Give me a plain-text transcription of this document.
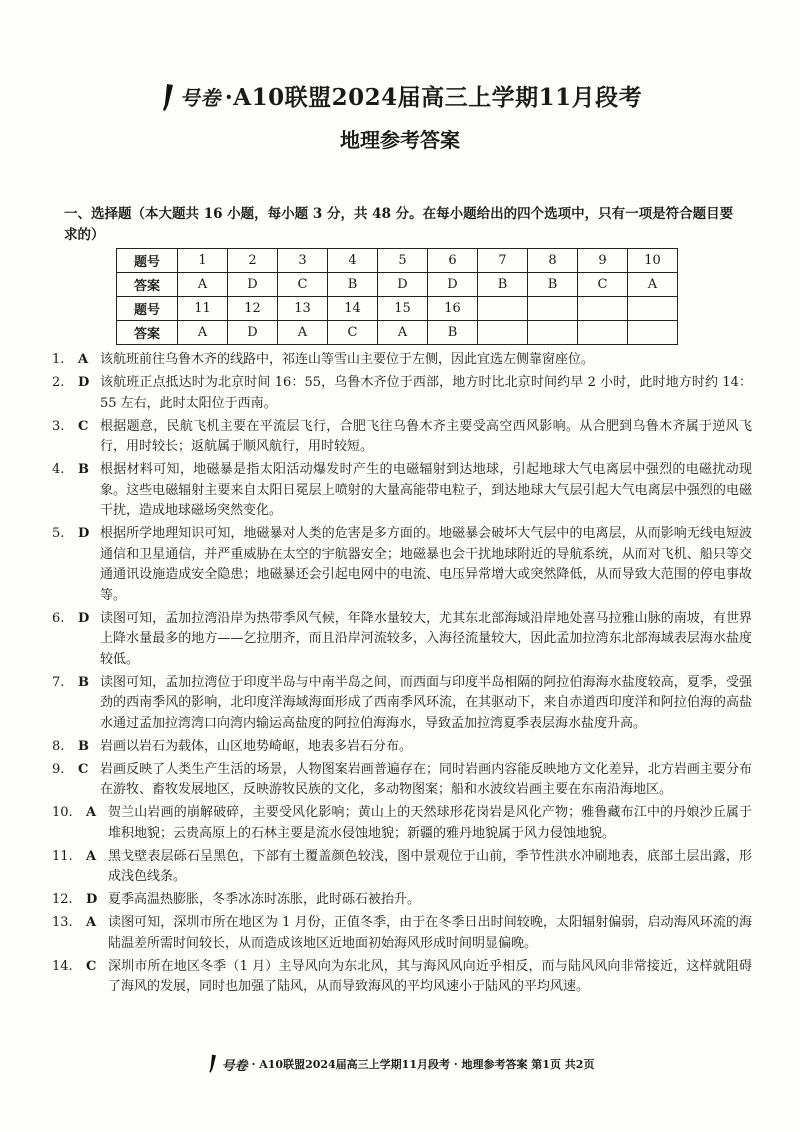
号卷 ·A10联盟2024届高三上学期11月段考
地理参考答案

一、选择题（本大题共 16 小题，每小题 3 分，共 48 分。在每小题给出的四个选项中，只有一项是符合题目要求的）

题号	1	2	3	4	5	6	7	8	9	10
答案	A	D	C	B	D	D	B	B	C	A
题号	11	12	13	14	15	16				
答案	A	D	A	C	A	B				
1.	A 该航班前往乌鲁木齐的线路中，祁连山等雪山主要位于左侧，因此宜选左侧靠窗座位。
2.	D 该航班正点抵达时为北京时间 16：55，乌鲁木齐位于西部，地方时比北京时间约早 2 小时，此时地方时约 14：55 左右，此时太阳位于西南。
3.	C 根据题意，民航飞机主要在平流层飞行，合肥飞往乌鲁木齐主要受高空西风影响。从合肥到乌鲁木齐属于逆风飞行，用时较长；返航属于顺风航行，用时较短。
4.	B 根据材料可知，地磁暴是指太阳活动爆发时产生的电磁辐射到达地球，引起地球大气电离层中强烈的电磁扰动现象。这些电磁辐射主要来自太阳日冕层上喷射的大量高能带电粒子，到达地球大气层引起大气电离层中强烈的电磁干扰，造成地球磁场突然变化。
5.	D 根据所学地理知识可知，地磁暴对人类的危害是多方面的。地磁暴会破坏大气层中的电离层，从而影响无线电短波通信和卫星通信，并严重威胁在太空的宇航器安全；地磁暴也会干扰地球附近的导航系统，从而对飞机、船只等交通通讯设施造成安全隐患；地磁暴还会引起电网中的电流、电压异常增大或突然降低，从而导致大范围的停电事故等。
6.	D 读图可知，孟加拉湾沿岸为热带季风气候，年降水量较大，尤其东北部海域沿岸地处喜马拉雅山脉的南坡，有世界上降水量最多的地方——乞拉朋齐，而且沿岸河流较多，入海径流量较大，因此孟加拉湾东北部海域表层海水盐度较低。
7.	B 读图可知，孟加拉湾位于印度半岛与中南半岛之间，而西面与印度半岛相隔的阿拉伯海海水盐度较高，夏季，受强劲的西南季风的影响，北印度洋海域海面形成了西南季风环流，在其驱动下，来自赤道西印度洋和阿拉伯海的高盐水通过孟加拉湾湾口向湾内输运高盐度的阿拉伯海海水，导致孟加拉湾夏季表层海水盐度升高。
8.	B 岩画以岩石为载体，山区地势崎岖，地表多岩石分布。
9.	C 岩画反映了人类生产生活的场景，人物图案岩画普遍存在；同时岩画内容能反映地方文化差异，北方岩画主要分布在游牧、畜牧发展地区，反映游牧民族的文化，多动物图案；船和水波纹岩画主要在东南沿海地区。
10.	A 贺兰山岩画的崩解破碎，主要受风化影响；黄山上的天然球形花岗岩是风化产物；雅鲁藏布江中的丹娘沙丘属于堆积地貌；云贵高原上的石林主要是流水侵蚀地貌；新疆的雅丹地貌属于风力侵蚀地貌。
11.	A 黑戈壁表层砾石呈黑色，下部有土覆盖颜色较浅，图中景观位于山前，季节性洪水冲刷地表，底部土层出露，形成浅色线条。
12.	D 夏季高温热膨胀，冬季冰冻时冻胀，此时砾石被抬升。
13.	A 读图可知，深圳市所在地区为 1 月份，正值冬季，由于在冬季日出时间较晚，太阳辐射偏弱，启动海风环流的海陆温差所需时间较长，从而造成该地区近地面初始海风形成时间明显偏晚。
14.	C 深圳市所在地区冬季（1 月）主导风向为东北风，其与海风风向近乎相反，而与陆风风向非常接近，这样就阻碍了海风的发展，同时也加强了陆风，从而导致海风的平均风速小于陆风的平均风速。
号卷 · A10联盟2024届高三上学期11月段考 · 地理参考答案 第1页 共2页
